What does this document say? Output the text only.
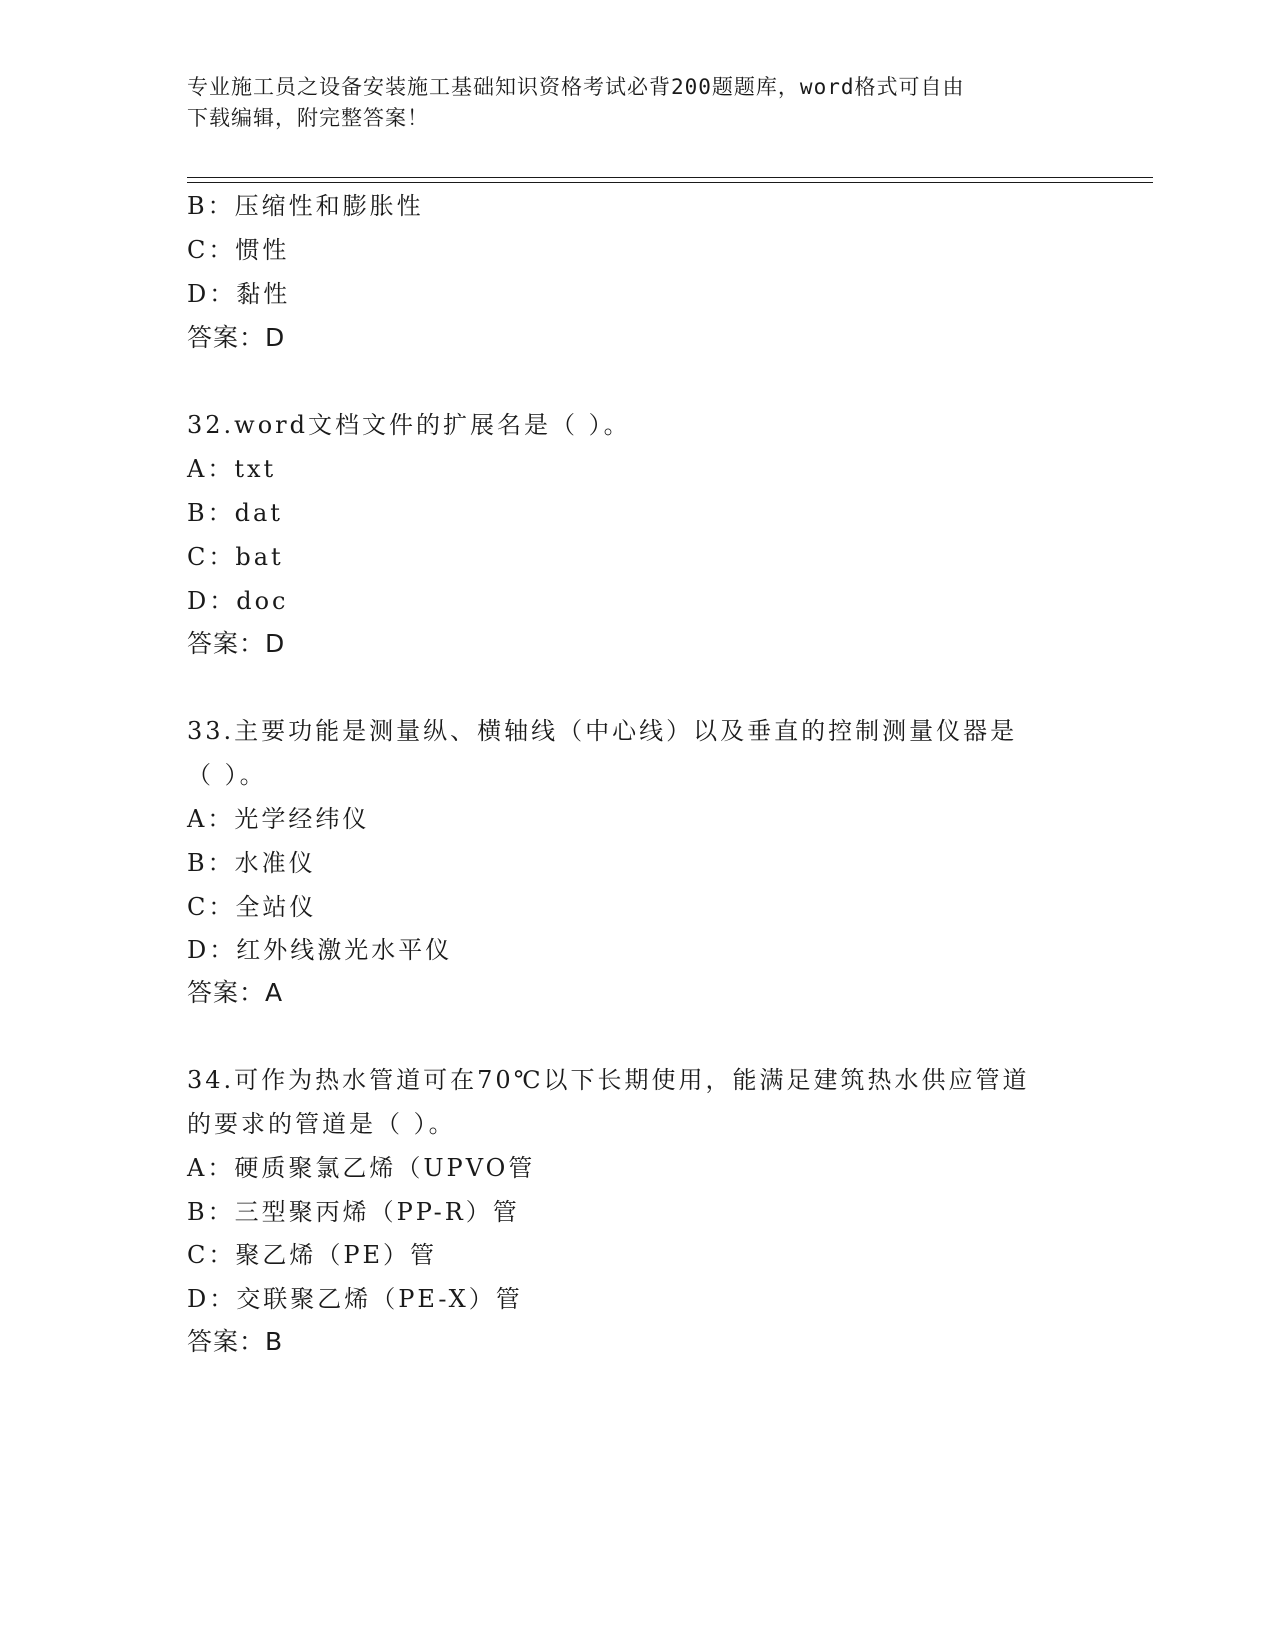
专业施工员之设备安装施工基础知识资格考试必背200题题库，word格式可自由
下载编辑，附完整答案！
B：压缩性和膨胀性
C：惯性
D：黏性
答案：D
32.word文档文件的扩展名是（ ）。
A：txt
B：dat
C：bat
D：doc
答案：D
33.主要功能是测量纵、横轴线（中心线）以及垂直的控制测量仪器是
（ ）。
A：光学经纬仪
B：水准仪
C：全站仪
D：红外线激光水平仪
答案：A
34.可作为热水管道可在70℃以下长期使用，能满足建筑热水供应管道
的要求的管道是（ ）。
A：硬质聚氯乙烯（UPVO管
B：三型聚丙烯（PP-R）管
C：聚乙烯（PE）管
D：交联聚乙烯（PE-X）管
答案：B
